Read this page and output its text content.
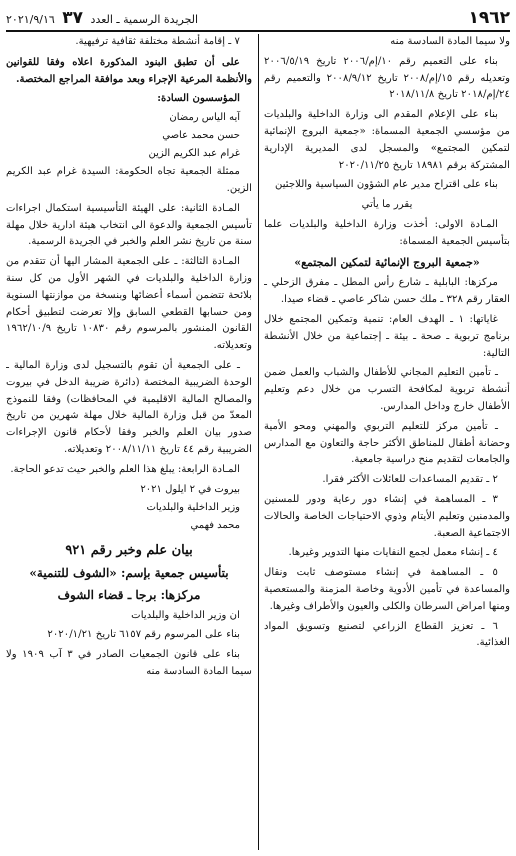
١٩٦٢
الجريدة الرسمية ـ العدد ٣٧ ٢٠٢١/٩/١٦

ولا سيما المادة السادسة منه

بناء على التعميم رقم ١٠/إم/٢٠٠٦ تاريخ ٢٠٠٦/٥/١٩ وتعديله رقم ١٥/إم/٢٠٠٨ تاريخ ٢٠٠٨/٩/١٢ والتعميم رقم ٢٤/إم/٢٠١٨ تاريخ ٢٠١٨/١١/٨

بناء على الإعلام المقدم الى وزارة الداخلية والبلديات من مؤسسي الجمعية المسماة: «جمعية البروج الإنمائية لتمكين المجتمع» والمسجل لدى المديرية الإدارية المشتركة برقم ١٨٩٨١ تاريخ ٢٠٢٠/١١/٢٥

بناء على اقتراح مدير عام الشؤون السياسية واللاجئين

يقرر ما يأتي

المـادة الاولى: أخذت وزارة الداخلية والبلديات علما بتأسيس الجمعية المسماة:

«جمعية البروج الإنمائية لتمكين المجتمع»

مركزها: البابلية ـ شارع رأس المطل ـ مفرق الزحلي ـ العقار رقم ٣٢٨ ـ ملك حسن شاكر عاصي ـ قضاء صيدا.

غاياتها: ١ ـ الهدف العام: تنمية وتمكين المجتمع خلال برنامج تربوية ـ صحة ـ بيئة ـ إجتماعية من خلال الأنشطة التالية:

ـ تأمين التعليم المجاني للأطفال والشباب والعمل ضمن أنشطة تربوية لمكافحة التسرب من خلال دعم وتعليم الأطفال خارج وداخل المدارس.

ـ تأمين مركز للتعليم التربوي والمهني ومحو الأمية وحضانة أطفال للمناطق الأكثر حاجة والتعاون مع المدارس والجامعات لتقديم منح دراسية جامعية.

٢ ـ تقديم المساعدات للعائلات الأكثر فقرا.

٣ ـ المساهمة في إنشاء دور رعاية ودور للمسنين والمدمنين وتعليم الأيتام وذوي الاحتياجات الخاصة والحالات الاجتماعية الصعبة.

٤ ـ إنشاء معمل لجمع النفايات منها التدوير وغيرها.

٥ ـ المساهمة في إنشاء مستوصف ثابت ونقال والمساعدة في تأمين الأدوية وخاصة المزمنة والمستعصية ومنها امراض السرطان والكلى والعيون والأطراف وغيرها.

٦ ـ تعزيز القطاع الزراعي لتصنيع وتسويق المواد الغذائية.

٧ ـ إقامة أنشطة مختلفة ثقافية ترفيهية.

على أن تطبق البنود المذكورة اعلاه وفقا للقوانين والأنظمة المرعية الإجراء وبعد موافقة المراجع المختصة.

المؤسسون السادة:

آيه الياس رمضان

حسن محمد عاصي

غرام عبد الكريم الزين

ممثلة الجمعية تجاه الحكومة: السيدة غرام عبد الكريم الزين.

المـادة الثانية: على الهيئة التأسيسية استكمال اجراءات تأسيس الجمعية والدعوة الى انتخاب هيئة ادارية خلال مهلة سنة من تاريخ نشر العلم والخبر في الجريدة الرسمية.

المـادة الثالثة: ـ على الجمعية المشار اليها أن تتقدم من وزارة الداخلية والبلديات في الشهر الأول من كل سنة بلائحة تتضمن أسماء أعضائها وبنسخة من موازنتها السنوية ومن حسابها القطعي السابق وإلا تعرضت لتطبيق أحكام القانون المنشور بالمرسوم رقم ١٠٨٣٠ تاريخ ١٩٦٢/١٠/٩ وتعديلاته.

ـ على الجمعية أن تقوم بالتسجيل لدى وزارة المالية ـ الوحدة الضريبية المختصة (دائرة ضريبة الدخل في بيروت والمصالح المالية الاقليمية في المحافظات) وفقا للنموذج المعدّ من قبل وزارة المالية خلال مهلة شهرين من تاريخ صدور بيان العلم والخبر وفقا لأحكام قانون الإجراءات الضريبية رقم ٤٤ تاريخ ٢٠٠٨/١١/١١ وتعديلاته.

المـادة الرابعة: يبلغ هذا العلم والخبر حيث تدعو الحاجة.

بيروت في ٢ ايلول ٢٠٢١

وزير الداخلية والبلديات

محمد فهمي

بيان علم وخبر رقم ٩٢١

بتأسيس جمعية بإسم: «الشوف للتنمية»

مركزها: برجا ـ قضاء الشوف

ان وزير الداخلية والبلديات

بناء على المرسوم رقم ٦١٥٧ تاريخ ٢٠٢٠/١/٢١

بناء على قانون الجمعيات الصادر في ٣ آب ١٩٠٩ ولا سيما المادة السادسة منه
